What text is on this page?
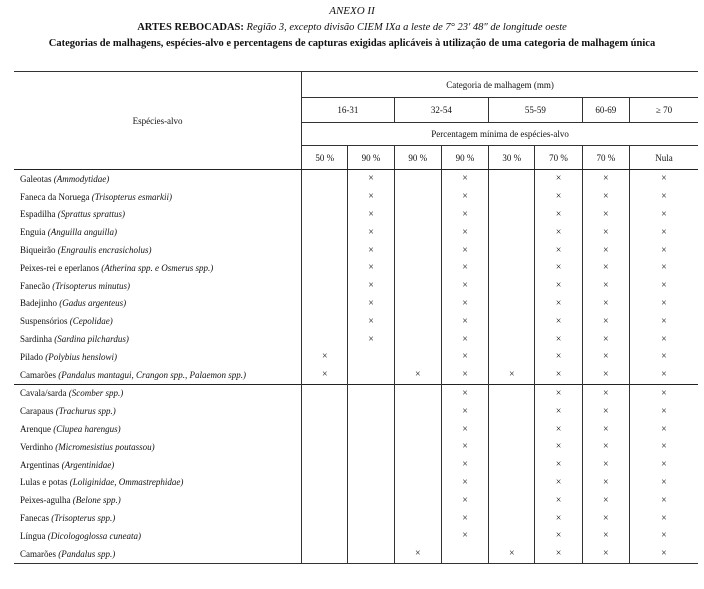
ANEXO II
ARTES REBOCADAS: Região 3, excepto divisão CIEM IXa a leste de 7° 23′ 48″ de longitude oeste
Categorias de malhagens, espécies-alvo e percentagens de capturas exigidas aplicáveis à utilização de uma categoria de malhagem única
Espécies-alvo	Categoria de malhagem (mm)							
	16-31		32-54		55-59		60-69	≥ 70
	Percentagem mínima de espécies-alvo							
	50 %	90 %	90 %	90 %	30 %	70 %	70 %	Nula
Galeotas (Ammodytidae)		×		×		×	×	×
Faneca da Noruega (Trisopterus esmarkii)		×		×		×	×	×
Espadilha (Sprattus sprattus)		×		×		×	×	×
Enguia (Anguilla anguilla)		×		×		×	×	×
Biqueirão (Engraulis encrasicholus)		×		×		×	×	×
Peixes-rei e eperlanos (Atherina spp. e Osmerus spp.)		×		×		×	×	×
Fanecão (Trisopterus minutus)		×		×		×	×	×
Badejinho (Gadus argenteus)		×		×		×	×	×
Suspensórios (Cepolidae)		×		×		×	×	×
Sardinha (Sardina pilchardus)		×		×		×	×	×
Pilado (Polybius henslowi)	×			×		×	×	×
Camarões (Pandalus mantagui, Crangon spp., Palaemon spp.)	×		×	×	×	×	×	×
Cavala/sarda (Scomber spp.)				×		×	×	×
Carapaus (Trachurus spp.)				×		×	×	×
Arenque (Clupea harengus)				×		×	×	×
Verdinho (Micromesistius poutassou)				×		×	×	×
Argentinas (Argentinidae)				×		×	×	×
Lulas e potas (Loliginidae, Ommastrephidae)				×		×	×	×
Peixes-agulha (Belone spp.)				×		×	×	×
Fanecas (Trisopterus spp.)				×		×	×	×
Língua (Dicologoglossa cuneata)				×		×	×	×
Camarões (Pandalus spp.)			×		×	×	×	×
